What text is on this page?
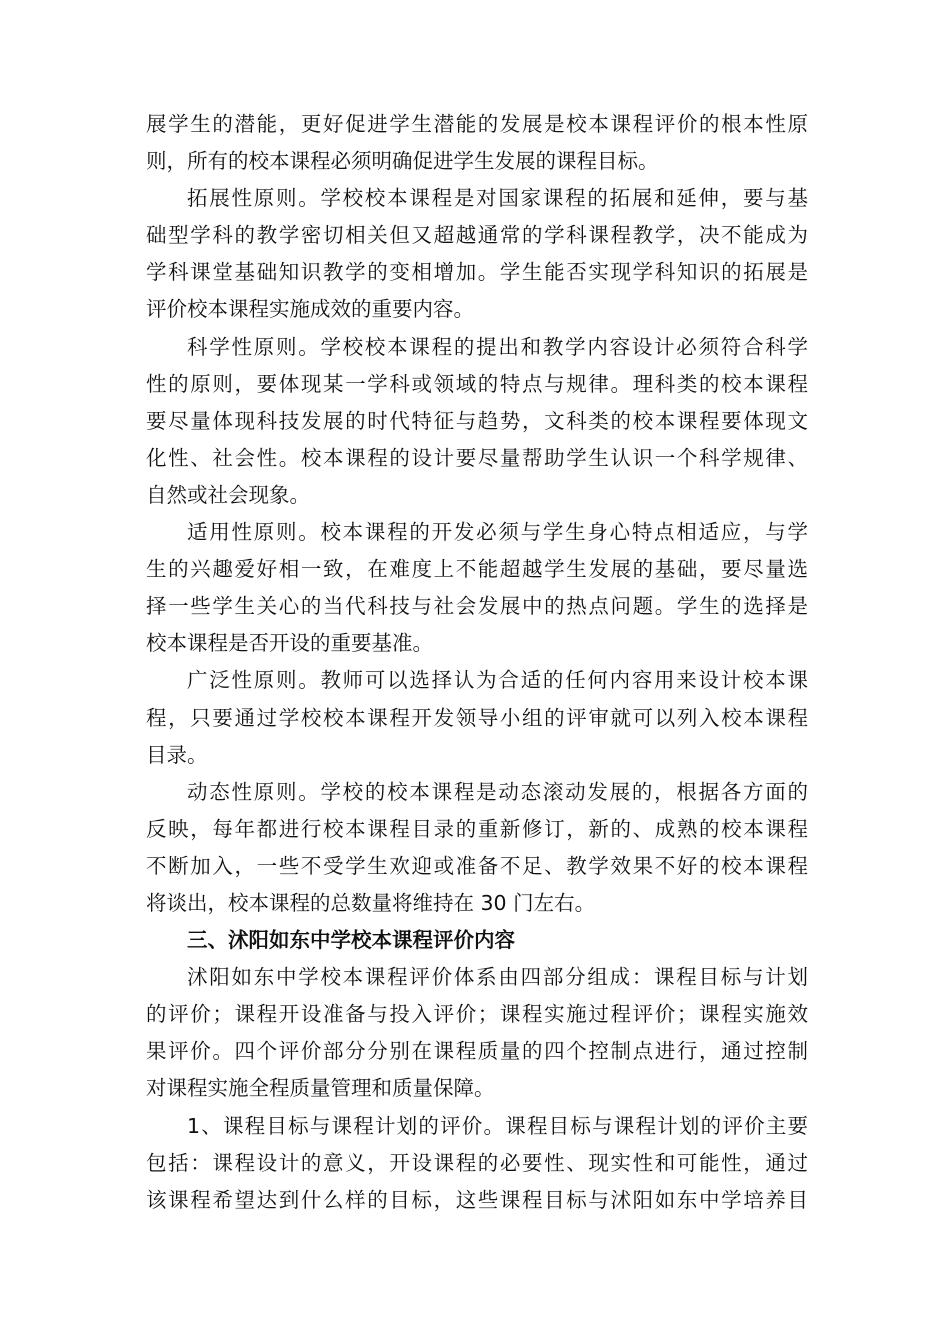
展学生的潜能，更好促进学生潜能的发展是校本课程评价的根本性原
则，所有的校本课程必须明确促进学生发展的课程目标。
拓展性原则。学校校本课程是对国家课程的拓展和延伸，要与基
础型学科的教学密切相关但又超越通常的学科课程教学，决不能成为
学科课堂基础知识教学的变相增加。学生能否实现学科知识的拓展是
评价校本课程实施成效的重要内容。
科学性原则。学校校本课程的提出和教学内容设计必须符合科学
性的原则，要体现某一学科或领域的特点与规律。理科类的校本课程
要尽量体现科技发展的时代特征与趋势，文科类的校本课程要体现文
化性、社会性。校本课程的设计要尽量帮助学生认识一个科学规律、
自然或社会现象。
适用性原则。校本课程的开发必须与学生身心特点相适应，与学
生的兴趣爱好相一致，在难度上不能超越学生发展的基础，要尽量选
择一些学生关心的当代科技与社会发展中的热点问题。学生的选择是
校本课程是否开设的重要基准。
广泛性原则。教师可以选择认为合适的任何内容用来设计校本课
程，只要通过学校校本课程开发领导小组的评审就可以列入校本课程
目录。
动态性原则。学校的校本课程是动态滚动发展的，根据各方面的
反映，每年都进行校本课程目录的重新修订，新的、成熟的校本课程
不断加入，一些不受学生欢迎或准备不足、教学效果不好的校本课程
将谈出，校本课程的总数量将维持在 30 门左右。
三、沭阳如东中学校本课程评价内容
沭阳如东中学校本课程评价体系由四部分组成：课程目标与计划
的评价；课程开设准备与投入评价；课程实施过程评价；课程实施效
果评价。四个评价部分分别在课程质量的四个控制点进行，通过控制
对课程实施全程质量管理和质量保障。
1、课程目标与课程计划的评价。课程目标与课程计划的评价主要
包括：课程设计的意义，开设课程的必要性、现实性和可能性，通过
该课程希望达到什么样的目标，这些课程目标与沭阳如东中学培养目
